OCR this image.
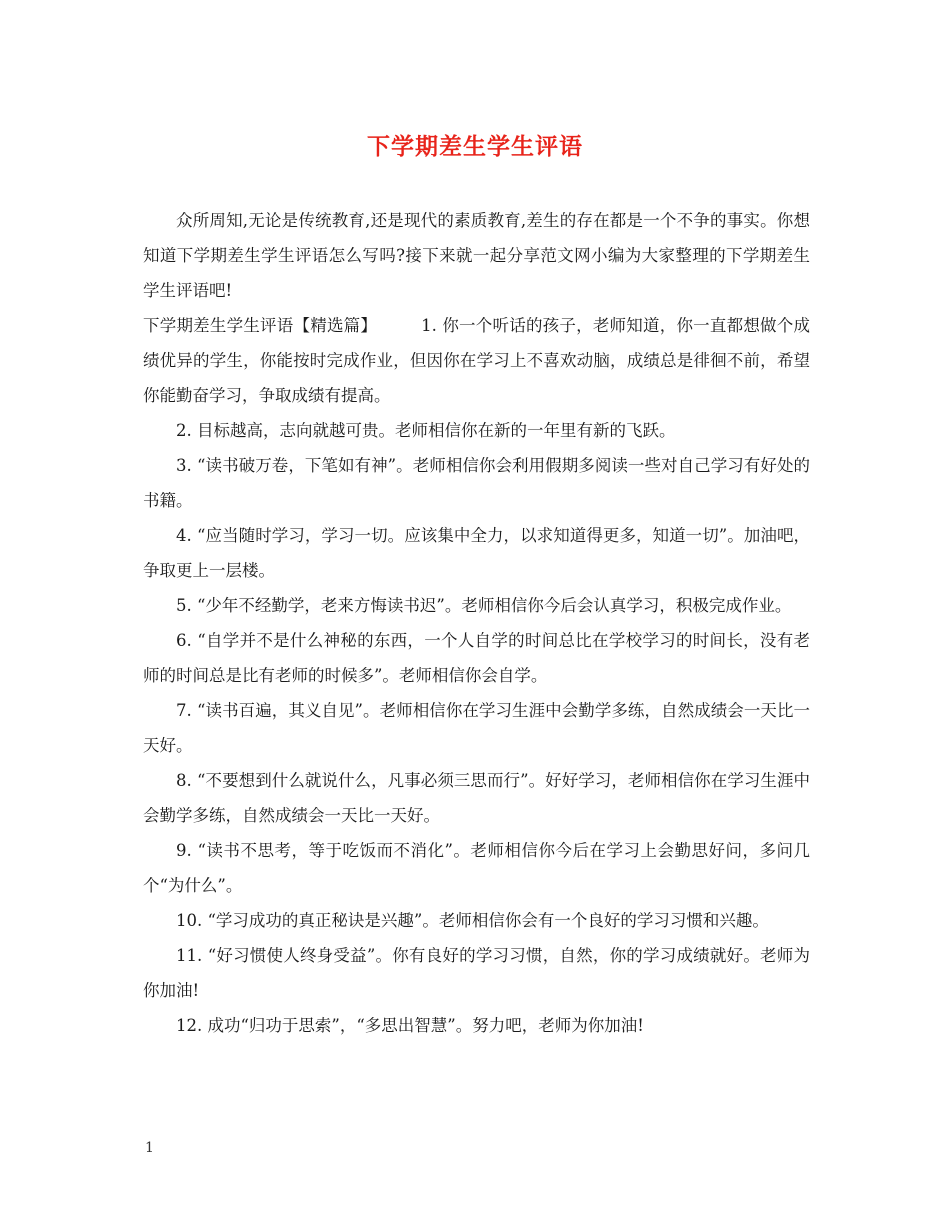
下学期差生学生评语

众所周知,无论是传统教育,还是现代的素质教育,差生的存在都是一个不争的事实。你想知道下学期差生学生评语怎么写吗?接下来就一起分享范文网小编为大家整理的下学期差生学生评语吧!

下学期差生学生评语【精选篇】	1. 你一个听话的孩子，老师知道，你一直都想做个成绩优异的学生，你能按时完成作业，但因你在学习上不喜欢动脑，成绩总是徘徊不前，希望你能勤奋学习，争取成绩有提高。

2. 目标越高，志向就越可贵。老师相信你在新的一年里有新的飞跃。

3. “读书破万卷，下笔如有神”。老师相信你会利用假期多阅读一些对自己学习有好处的书籍。

4. “应当随时学习，学习一切。应该集中全力，以求知道得更多，知道一切”。加油吧，争取更上一层楼。

5. “少年不经勤学，老来方悔读书迟”。老师相信你今后会认真学习，积极完成作业。

6. “自学并不是什么神秘的东西，一个人自学的时间总比在学校学习的时间长，没有老师的时间总是比有老师的时候多”。老师相信你会自学。

7. “读书百遍，其义自见”。老师相信你在学习生涯中会勤学多练，自然成绩会一天比一天好。

8. “不要想到什么就说什么，凡事必须三思而行”。好好学习，老师相信你在学习生涯中会勤学多练，自然成绩会一天比一天好。

9. “读书不思考，等于吃饭而不消化”。老师相信你今后在学习上会勤思好问，多问几个“为什么”。

10. “学习成功的真正秘诀是兴趣”。老师相信你会有一个良好的学习习惯和兴趣。

11. “好习惯使人终身受益”。你有良好的学习习惯，自然，你的学习成绩就好。老师为你加油!

12. 成功“归功于思索”，“多思出智慧”。努力吧，老师为你加油!

1
